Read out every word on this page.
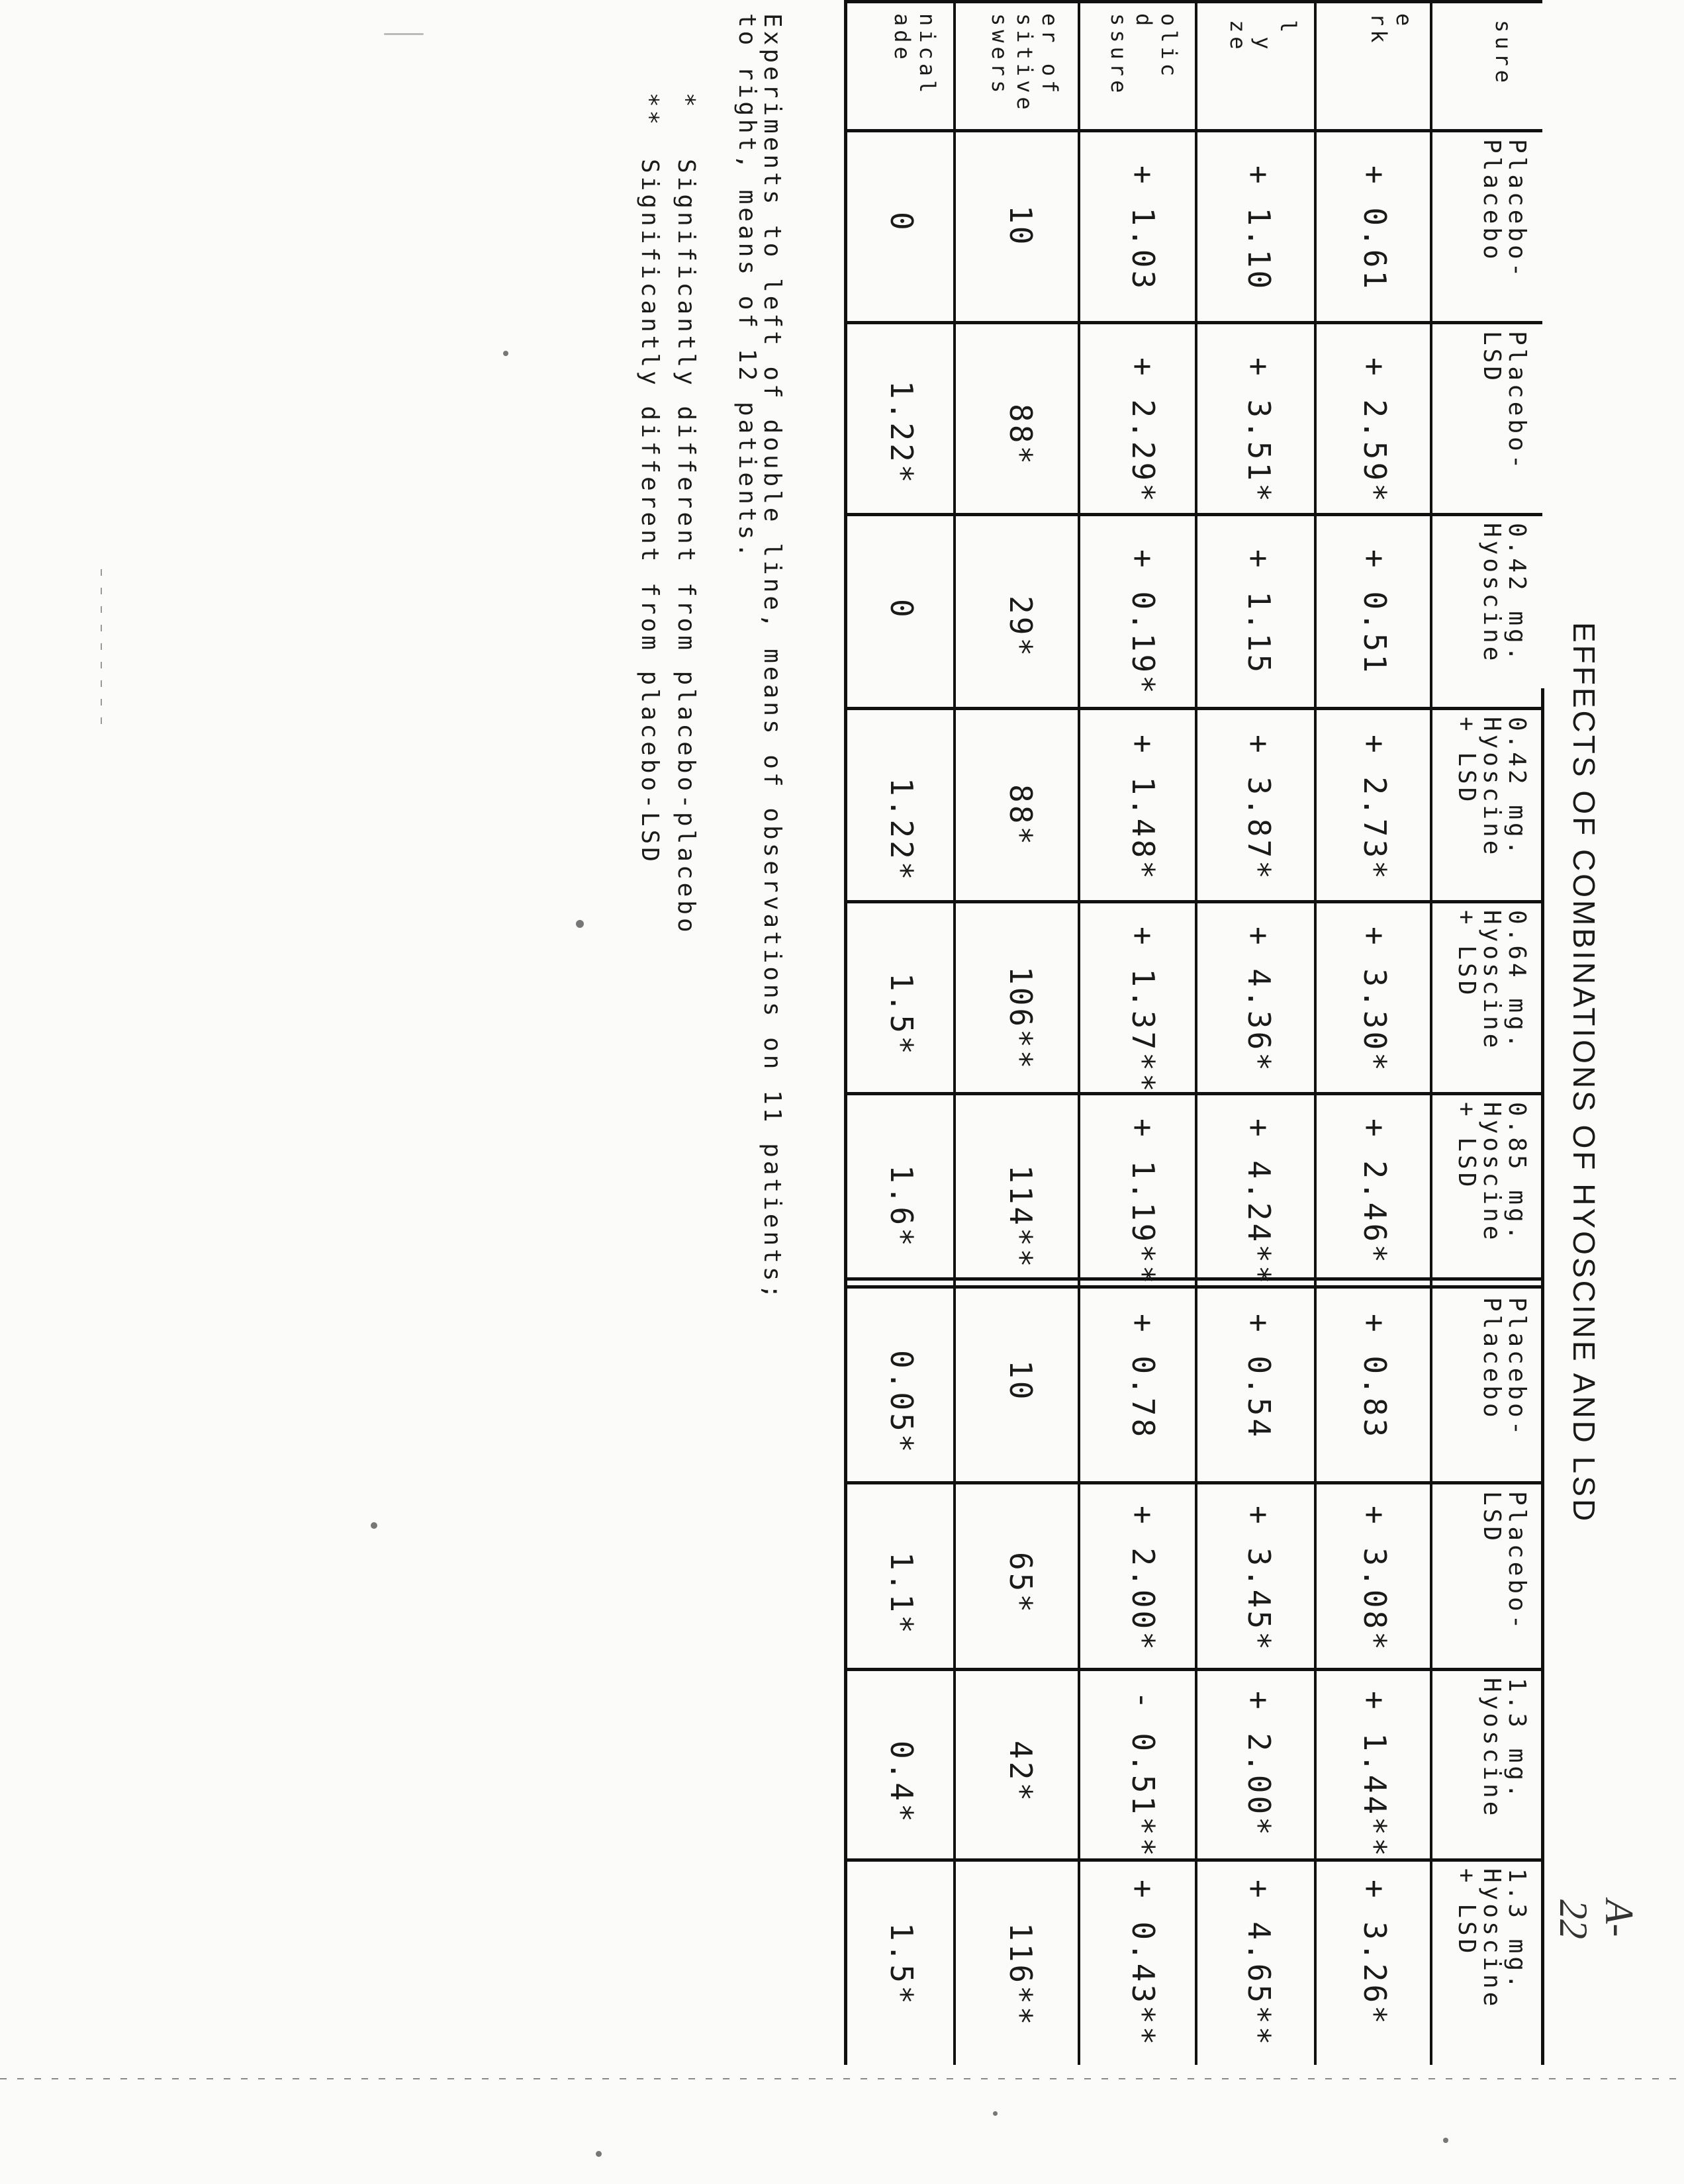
EFFECTS OF COMBINATIONS OF HYOSCINE AND LSD
sure
e
rk
l
y
ze
olic
d
ssure
er of
sitive
swers
nical
ade
Placebo-
Placebo
Placebo-
LSD
0.42 mg.
Hyoscine
0.42 mg.
Hyoscine
+ LSD
0.64 mg.
Hyoscine
+ LSD
0.85 mg.
Hyoscine
+ LSD
Placebo-
Placebo
Placebo-
LSD
1.3 mg.
Hyoscine
1.3 mg.
Hyoscine
+ LSD
+ 0.61
+ 2.59*
+ 0.51
+ 2.73*
+ 3.30*
+ 2.46*
+ 0.83
+ 3.08*
+ 1.44**
+ 3.26*
+ 1.10
+ 3.51*
+ 1.15
+ 3.87*
+ 4.36*
+ 4.24**
+ 0.54
+ 3.45*
+ 2.00*
+ 4.65**
+ 1.03
+ 2.29*
+ 0.19*
+ 1.48*
+ 1.37**
+ 1.19**
+ 0.78
+ 2.00*
- 0.51**
+ 0.43**
10
88*
29*
88*
106**
114**
10
65*
42*
116**
0
1.22*
0
1.22*
1.5*
1.6*
0.05*
1.1*
0.4*
1.5*
Experiments to left of double line, means of observations on 11 patients;
to right, means of 12 patients.
*
Significantly different from placebo-placebo
**
Significantly different from placebo-LSD
A-22
